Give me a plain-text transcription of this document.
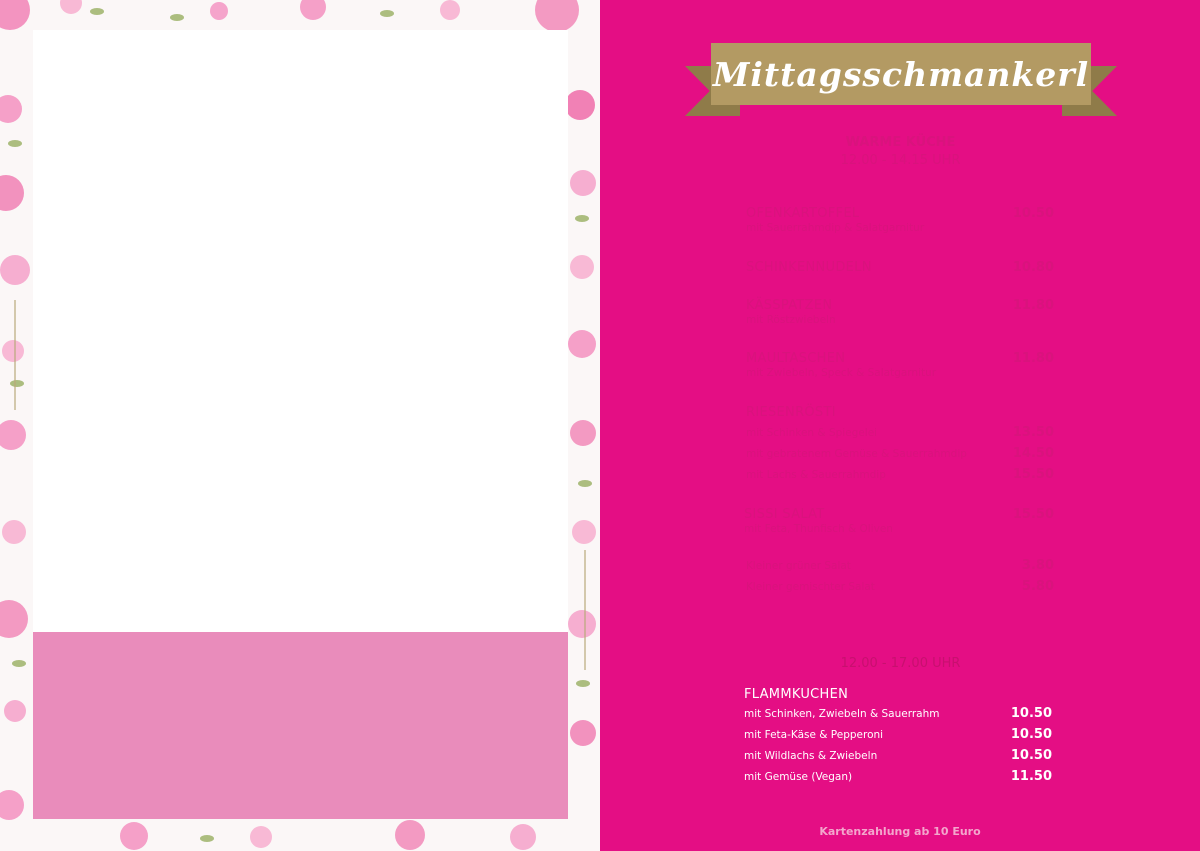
Mittagsschmankerl
WARME KÜCHE
12.00 - 14.15 UHR
OFENKARTOFFEL	10.50
mit Sauerrahmdip & Salatgarnitur
SCHINKENNUDELN	10.80
KÄSSPATZEN	11.80
mit Röstzwiebeln
MAULTASCHEN	11.80
mit Zwiebeln, Speck & Salatgarnitur
RIESENRÖSTI
mit Schinken & Spiegelei	13.50
mit gebratenem Gemüse & Sauerrahmdip	14.50
mit Lachs & Sauerrahmdip	15.50
SISSI SALAT	15.50
mit Feta, Thunfisch & Oliven
Kleiner grüner Salat	3.80
Kleiner gemischter Salat	5.80
12.00 - 17.00 UHR
FLAMMKUCHEN
mit Schinken, Zwiebeln & Sauerrahm	10.50
mit Feta-Käse & Pepperoni	10.50
mit Wildlachs & Zwiebeln	10.50
mit Gemüse (Vegan)	11.50
Kartenzahlung ab 10 Euro
